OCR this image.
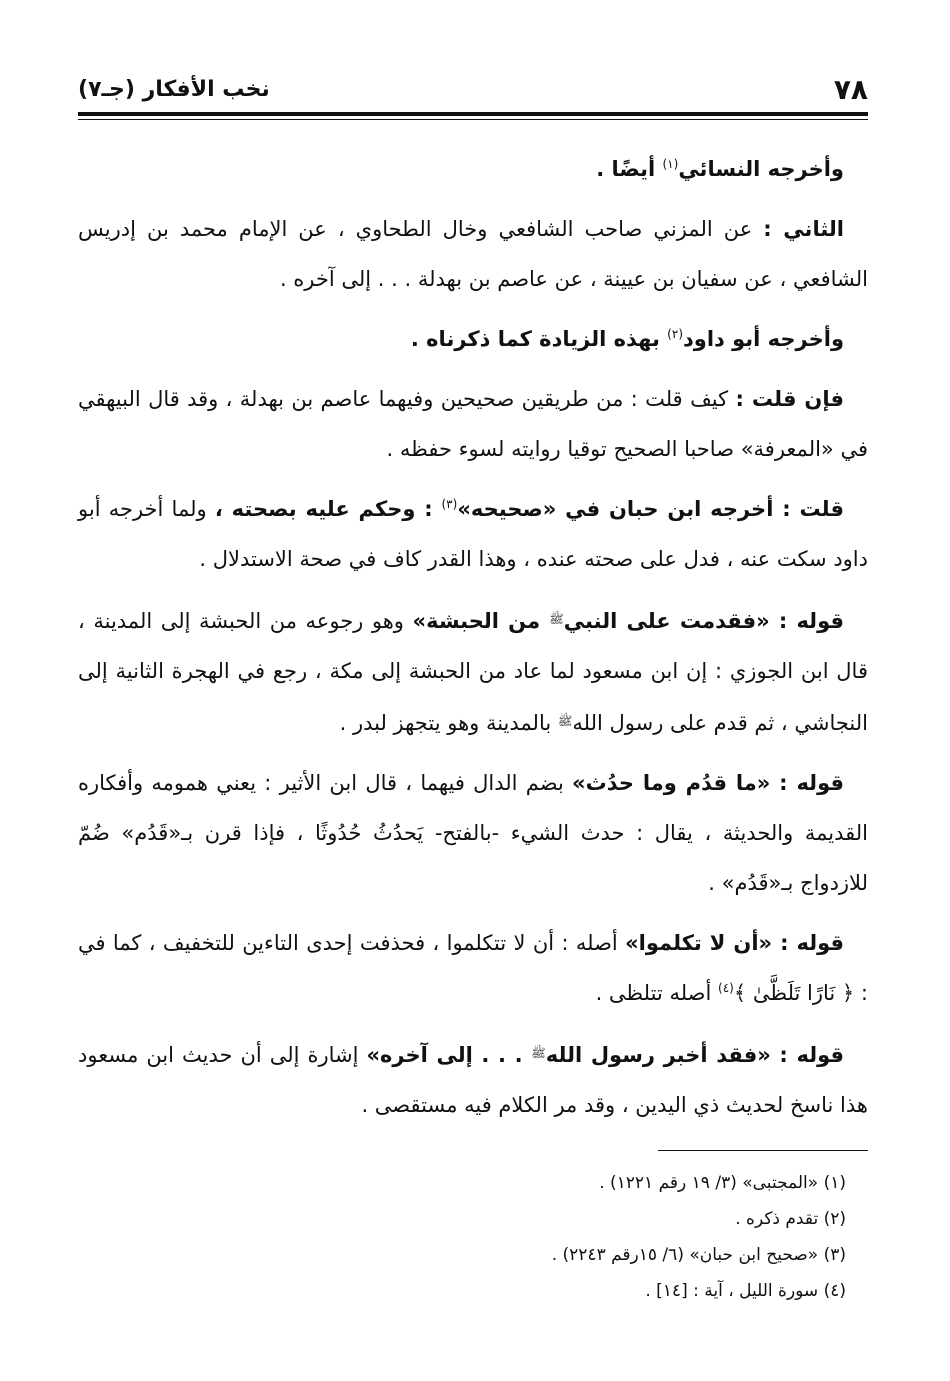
٧٨
نخب الأفكار (جـ٧)

وأخرجه النسائي$^{(١)}$ أيضًا .

الثاني : عن المزني صاحب الشافعي وخال الطحاوي ، عن الإمام محمد بن إدريس الشافعي ، عن سفيان بن عيينة ، عن عاصم بن بهدلة . . . إلى آخره .

وأخرجه أبو داود$^{(٢)}$ بهذه الزيادة كما ذكرناه .

فإن قلت : كيف قلت : من طريقين صحيحين وفيهما عاصم بن بهدلة ، وقد قال البيهقي في «المعرفة» صاحبا الصحيح توقيا روايته لسوء حفظه .

قلت : أخرجه ابن حبان في «صحيحه»$^{(٣)}$ : وحكم عليه بصحته ، ولما أخرجه أبو داود سكت عنه ، فدل على صحته عنده ، وهذا القدر كاف في صحة الاستدلال .

قوله : «فقدمت على النبي$^ﷺ$ من الحبشة» وهو رجوعه من الحبشة إلى المدينة ، قال ابن الجوزي : إن ابن مسعود لما عاد من الحبشة إلى مكة ، رجع في الهجرة الثانية إلى النجاشي ، ثم قدم على رسول الله$^ﷺ$ بالمدينة وهو يتجهز لبدر .

قوله : «ما قدُم وما حدُث» بضم الدال فيهما ، قال ابن الأثير : يعني همومه وأفكاره القديمة والحديثة ، يقال : حدث الشيء -بالفتح- يَحدُثُ حُدُوثًا ، فإذا قرن بـ«قَدُم» ضُمّ للازدواج بـ«قَدُم» .

قوله : «أن لا تكلموا» أصله : أن لا تتكلموا ، فحذفت إحدى التاءين للتخفيف ، كما في : ﴿ نَارًا تَلَظَّىٰ ﴾$^{(٤)}$ أصله تتلظى .

قوله : «فقد أخبر رسول الله$^ﷺ$ . . . إلى آخره» إشارة إلى أن حديث ابن مسعود هذا ناسخ لحديث ذي اليدين ، وقد مر الكلام فيه مستقصى .

(١) «المجتبى» (٣/ ١٩ رقم ١٢٢١) .

(٢) تقدم ذكره .

(٣) «صحيح ابن حبان» (٦/ ١٥رقم ٢٢٤٣) .

(٤) سورة الليل ، آية : [١٤] .
